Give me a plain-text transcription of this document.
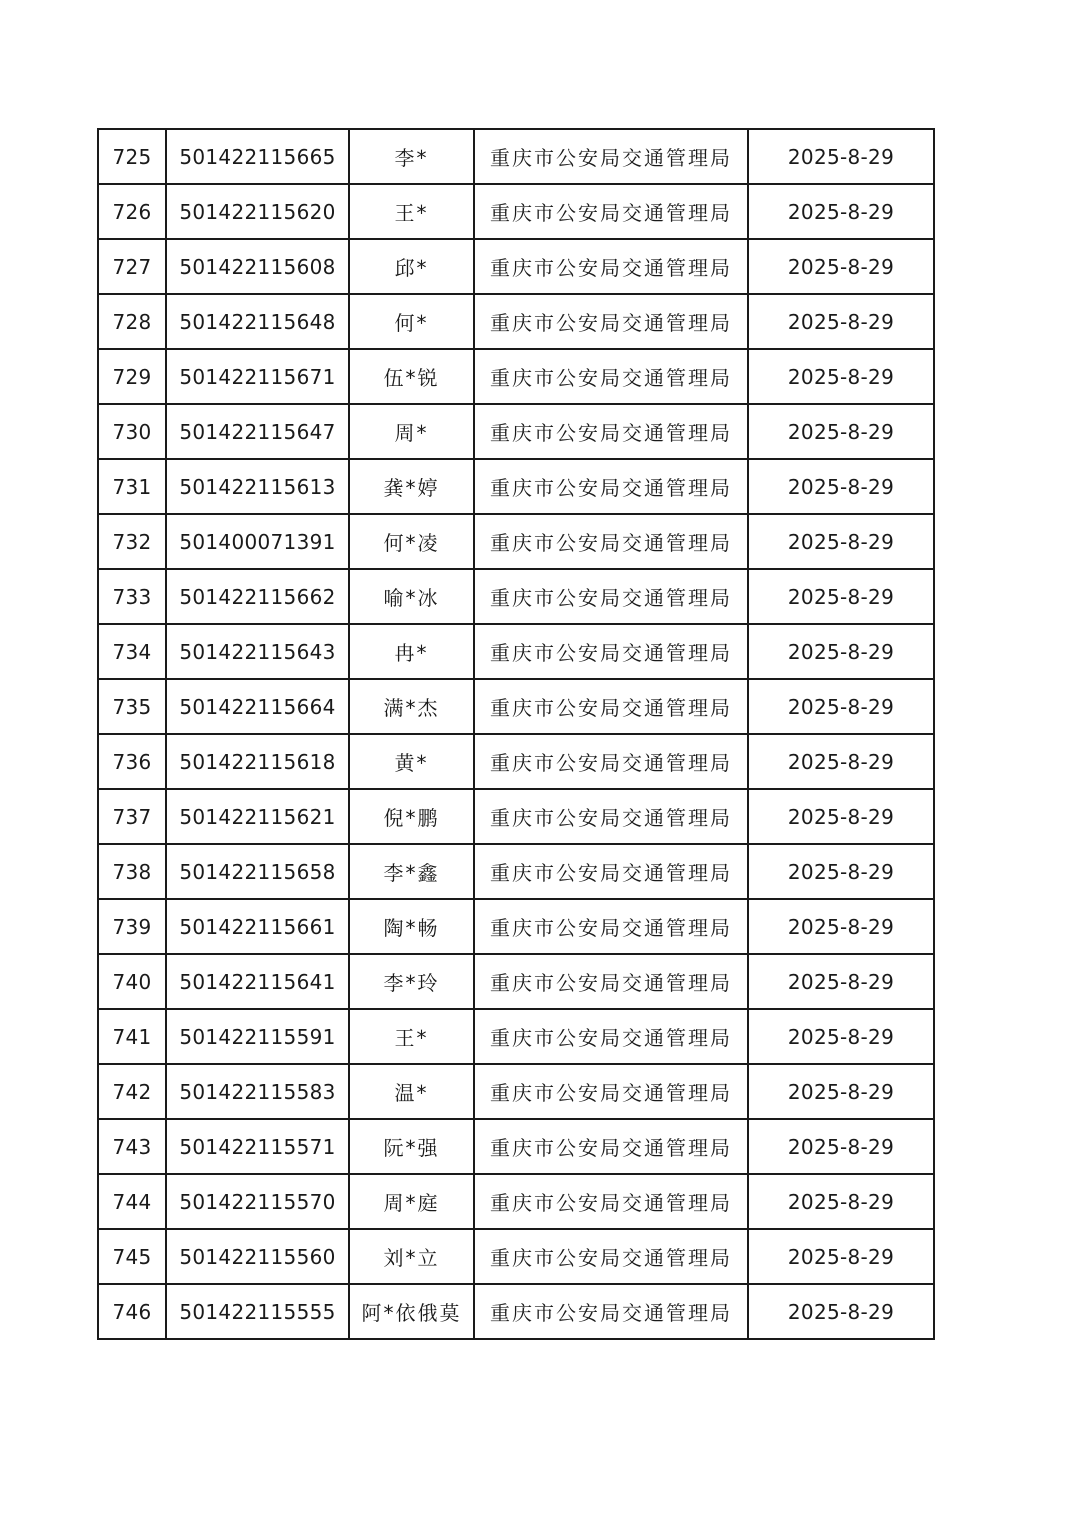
725	501422115665	李*	重庆市公安局交通管理局	2025-8-29
726	501422115620	王*	重庆市公安局交通管理局	2025-8-29
727	501422115608	邱*	重庆市公安局交通管理局	2025-8-29
728	501422115648	何*	重庆市公安局交通管理局	2025-8-29
729	501422115671	伍*锐	重庆市公安局交通管理局	2025-8-29
730	501422115647	周*	重庆市公安局交通管理局	2025-8-29
731	501422115613	龚*婷	重庆市公安局交通管理局	2025-8-29
732	501400071391	何*凌	重庆市公安局交通管理局	2025-8-29
733	501422115662	喻*冰	重庆市公安局交通管理局	2025-8-29
734	501422115643	冉*	重庆市公安局交通管理局	2025-8-29
735	501422115664	满*杰	重庆市公安局交通管理局	2025-8-29
736	501422115618	黄*	重庆市公安局交通管理局	2025-8-29
737	501422115621	倪*鹏	重庆市公安局交通管理局	2025-8-29
738	501422115658	李*鑫	重庆市公安局交通管理局	2025-8-29
739	501422115661	陶*畅	重庆市公安局交通管理局	2025-8-29
740	501422115641	李*玲	重庆市公安局交通管理局	2025-8-29
741	501422115591	王*	重庆市公安局交通管理局	2025-8-29
742	501422115583	温*	重庆市公安局交通管理局	2025-8-29
743	501422115571	阮*强	重庆市公安局交通管理局	2025-8-29
744	501422115570	周*庭	重庆市公安局交通管理局	2025-8-29
745	501422115560	刘*立	重庆市公安局交通管理局	2025-8-29
746	501422115555	阿*依俄莫	重庆市公安局交通管理局	2025-8-29
